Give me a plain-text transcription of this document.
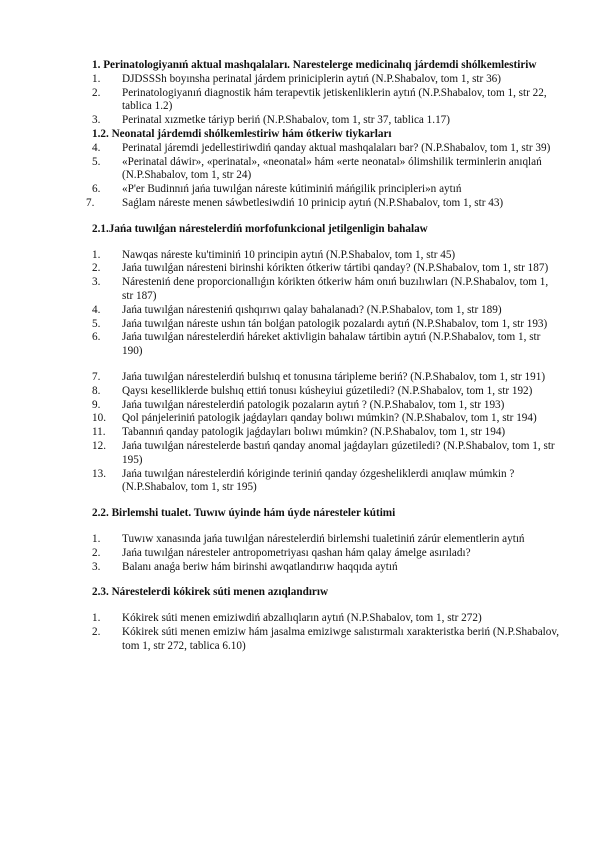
1. Perinatologiyanıń aktual mashqalaları. Narestelerge medicinalıq járdemdi shólkemlestiriw
1.	DJDSSSh boyınsha perinatal járdem priniciplerin aytıń (N.P.Shabalov, tom 1, str 36)
2.	Perinatologiyanıń diagnostik hám terapevtik jetiskenliklerin aytıń (N.P.Shabalov, tom 1, str 22, tablica 1.2)
3.	Perinatal xızmetke táriyp beriń (N.P.Shabalov, tom 1, str 37, tablica 1.17)
1.2. Neonatal járdemdi shólkemlestiriw hám ótkeriw tiykarları
4.	Perinatal járemdi jedellestiriwdiń qanday aktual mashqalaları bar? (N.P.Shabalov, tom 1, str 39)
5.	«Perinatal dáwir», «perinatal», «neonatal» hám «erte neonatal» ólimshilik terminlerin anıqlań (N.P.Shabalov, tom 1, str 24)
6.	«P'er Budinnıń jańa tuwılǵan náreste kútiminiń máńgilik principleri»n aytıń
7.	Saǵlam náreste menen sáwbetlesiwdiń 10 prinicip aytıń (N.P.Shabalov, tom 1, str 43)
2.1.Jańa tuwılǵan nárestelerdiń morfofunkcional jetilgenligin bahalaw
1.	Nawqas náreste ku'timiniń 10 principin aytıń (N.P.Shabalov, tom 1, str 45)
2.	Jańa tuwılǵan nárestenі birinshi kórikten ótkeriw tártibi qanday? (N.P.Shabalov, tom 1, str 187)
3.	Nárestenіń dene proporcionallıǵın kórikten ótkeriw hám onıń buzılıwları (N.P.Shabalov, tom 1, str 187)
4.	Jańa tuwılǵan nárestenіń qıshqırıwı qalay bahalanadı? (N.P.Shabalov, tom 1, str 189)
5.	Jańa tuwılǵan náreste ushın tán bolǵan patologik pozalardı aytıń (N.P.Shabalov, tom 1, str 193)
6.	Jańa tuwılǵan nárestelerdiń háreket aktivligin bahalaw tártibin aytıń (N.P.Shabalov, tom 1, str 190)
7.	Jańa tuwılǵan nárestelerdiń bulshıq et tonusına táripleme beriń? (N.P.Shabalov, tom 1, str 191)
8.	Qaysı keselliklerde bulshıq ettiń tonusı kúsheyiui gúzetiledi? (N.P.Shabalov, tom 1, str 192)
9.	Jańa tuwılǵan nárestelerdiń patologik pozaların aytıń ? (N.P.Shabalov, tom 1, str 193)
10.	Qol pánjeleriniń patologik jaǵdayları qanday bolıwı múmkin? (N.P.Shabalov, tom 1, str 194)
11.	Tabannıń qanday patologik jaǵdayları bolıwı múmkin? (N.P.Shabalov, tom 1, str 194)
12.	Jańa tuwılǵan nárestelerde bastıń qanday anomal jaǵdayları gúzetiledi? (N.P.Shabalov, tom 1, str 195)
13.	Jańa tuwılǵan nárestelerdiń kóriginde teriniń qanday ózgesheliklerdi anıqlaw múmkin ? (N.P.Shabalov, tom 1, str 195)
2.2. Birlemshi tualet. Tuwıw úyinde hám úyde nárestеler kútimi
1.	Tuwıw xanasında jańa tuwılǵan nárestelerdiń birlemshi tualetiniń zárúr elementlerin aytıń
2.	Jańa tuwılǵan nárestеler antropometriyası qashan hám qalay ámelge asırıladı?
3.	Balanı anaǵa beriw hám birinshi awqatlandırıw haqqıda aytıń
2.3. Nárestelerdi kókirek súti menen azıqlandırıw
1.	Kókirek súti menen emiziwdiń abzallıqların aytıń (N.P.Shabalov, tom 1, str 272)
2.	Kókirek súti menen emiziw hám jasalma emiziwge salıstırmalı xarakteristka beriń (N.P.Shabalov, tom 1, str 272, tablica 6.10)
